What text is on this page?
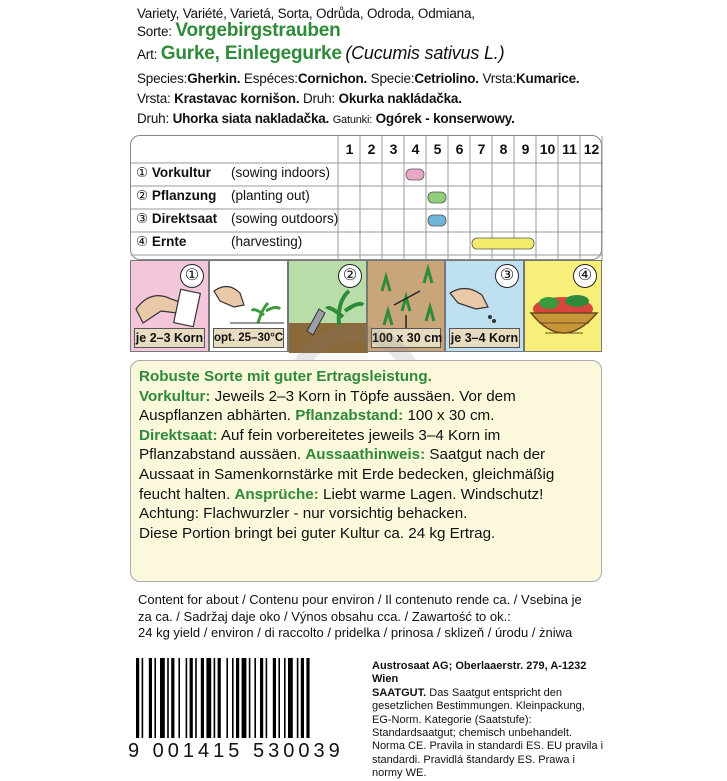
Variety, Variété, Varietá, Sorta, Odrůda, Odroda, Odmiana,
Sorte: Vorgebirgstrauben
Art: Gurke, Einlegegurke (Cucumis sativus L.)
Species:Gherkin. Espéces:Cornichon. Specie:Cetriolino. Vrsta:Kumarice.
Vrsta: Krastavac kornišon. Druh: Okurka nakládačka.
Druh: Uhorka siata nakladačka. Gatunki: Ogórek - konserwowy.
1	2	3	4	5	6	7	8	9 10 11 12
① Vorkultur (sowing indoors)
② Pflanzung (planting out)
③ Direktsaat (sowing outdoors)
④ Ernte	(harvesting)
①
je 2–3 Korn opt. 25–30°C
②
100 x 30 cm
③
je 3–4 Korn
④
Robuste Sorte mit guter Ertragsleistung.
Vorkultur: Jeweils 2–3 Korn in Töpfe aussäen. Vor dem Auspflanzen abhärten. Pflanzabstand: 100 x 30 cm.
Direktsaat: Auf fein vorbereitetes jeweils 3–4 Korn im Pflanzabstand aussäen. Aussaathinweis: Saatgut nach der Aussaat in Samenkornstärke mit Erde bedecken, gleichmäßig feucht halten. Ansprüche: Liebt warme Lagen. Windschutz!
Achtung: Flachwurzler - nur vorsichtig behacken.
Diese Portion bringt bei guter Kultur ca. 24 kg Ertrag.
Content for about / Contenu pour environ / Il contenuto rende ca. / Vsebina je
za ca. / Sadržaj daje oko / Výnos obsahu cca. / Zawartość to ok.:
24 kg yield / environ / di raccolto / pridelka / prinosa / sklizeň / úrodu / żniwa
9 001415 530039
Austrosaat AG; Oberlaaerstr. 279, A-1232 Wien
SAATGUT. Das Saatgut entspricht den gesetzlichen Bestimmungen. Kleinpackung, EG-Norm. Kategorie (Saatstufe): Standardsaatgut; chemisch unbehandelt. Norma CE. Pravila in standardi ES. EU pravila i standardi. Pravidlá štandardy ES. Prawa i normy WE.
